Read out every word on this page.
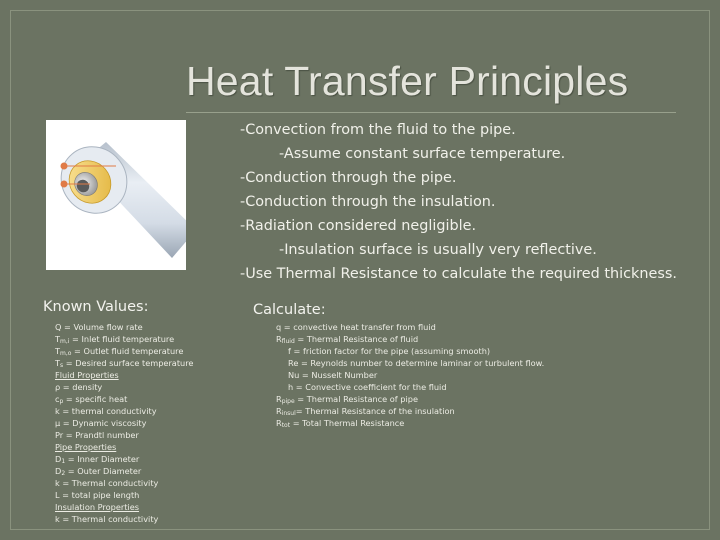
Heat Transfer Principles
-Convection from the fluid to the pipe.
-Assume constant surface temperature.
-Conduction through the pipe.
-Conduction through the insulation.
-Radiation considered negligible.
-Insulation surface is usually very reflective.
-Use Thermal Resistance to calculate the required thickness.
Known Values:	Calculate:
Q = Volume flow rate
$T_{m,i}$ = Inlet fluid temperature
$T_{m,o}$ = Outlet fluid temperature
$T_s$ = Desired surface temperature
Fluid Properties
ρ = density
$c_p$ = specific heat
k = thermal conductivity
μ = Dynamic viscosity
Pr = Prandtl number
Pipe Properties
$D_1$ = Inner Diameter
$D_2$ = Outer Diameter
k = Thermal conductivity
L = total pipe length
Insulation Properties
k = Thermal conductivity
q = convective heat transfer from fluid
$R_{fluid}$ = Thermal Resistance of fluid
f = friction factor for the pipe (assuming smooth)
Re = Reynolds number to determine laminar or turbulent flow.
Nu = Nusselt Number
h = Convective coefficient for the fluid
$R_{pipe}$ = Thermal Resistance of pipe
$R_{insul}=$ Thermal Resistance of the insulation
$R_{tot}$ = Total Thermal Resistance
